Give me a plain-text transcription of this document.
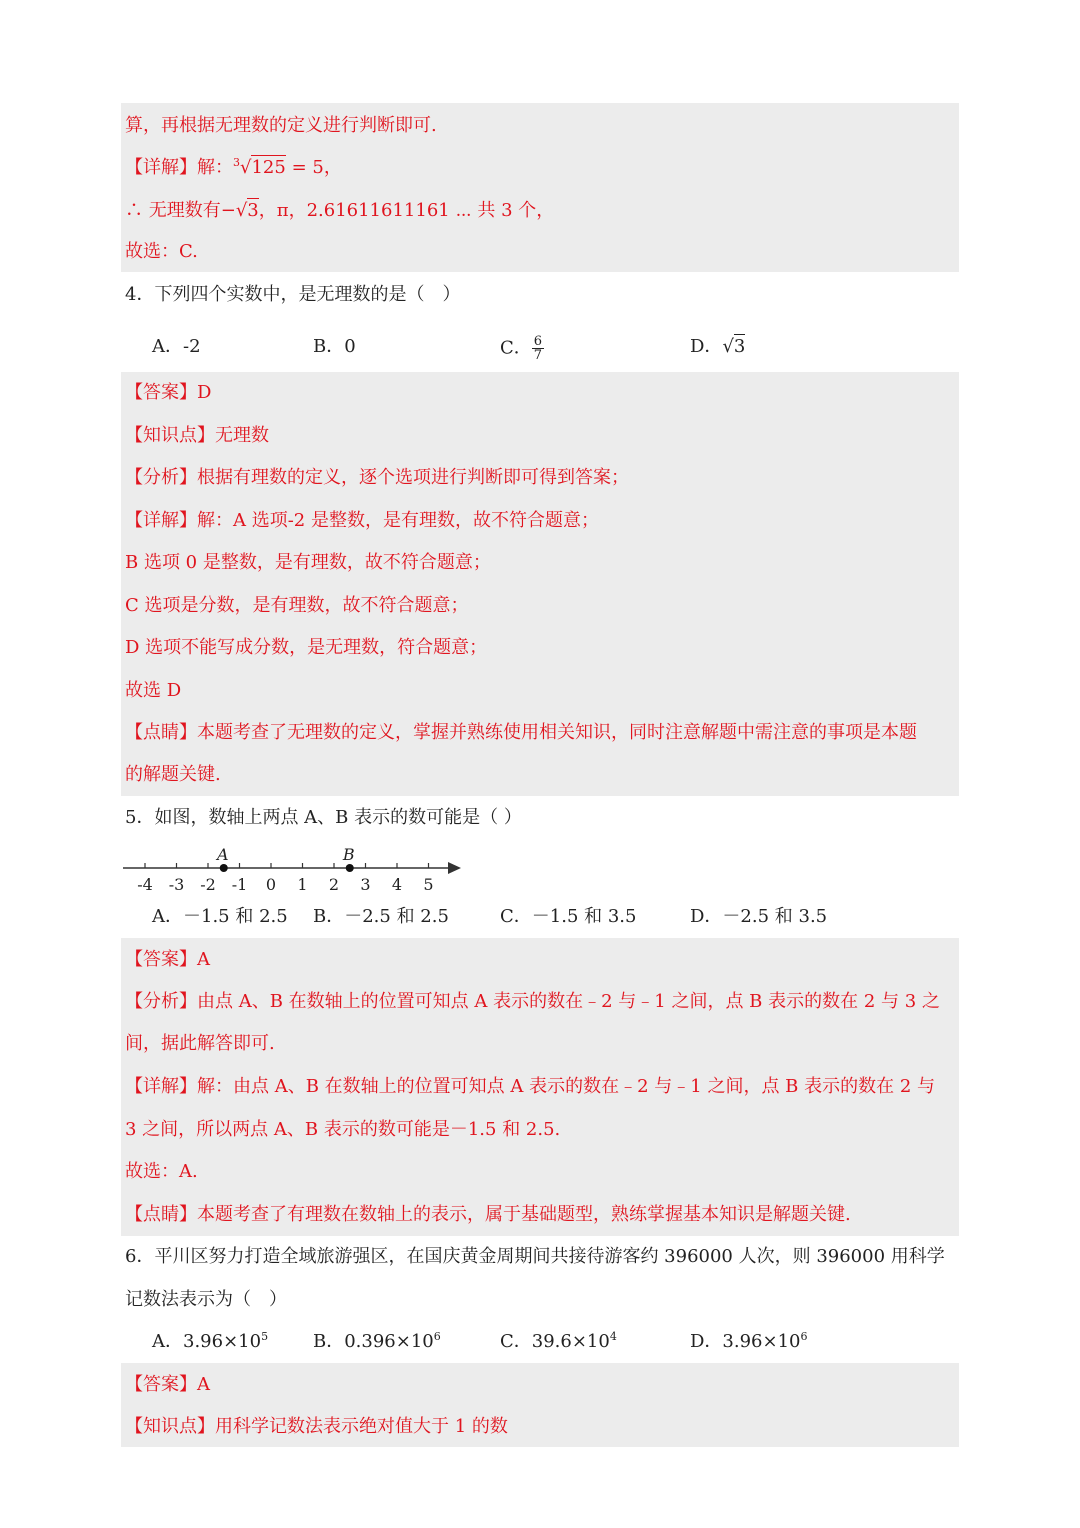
算，再根据无理数的定义进行判断即可.
【详解】解：$^3$√125 = 5，
∴ 无理数有−√3，π，2.61611611161 ⋯ 共 3 个，
故选：C.
4．下列四个实数中，是无理数的是（　）
A．-2	B．0	C． $\frac{6}{7}$	D．√3
【答案】D
【知识点】无理数
【分析】根据有理数的定义，逐个选项进行判断即可得到答案；
【详解】解：A 选项-2 是整数，是有理数，故不符合题意；
B 选项 0 是整数，是有理数，故不符合题意；
C 选项是分数，是有理数，故不符合题意；
D 选项不能写成分数，是无理数，符合题意；
故选 D
【点睛】本题考查了无理数的定义，掌握并熟练使用相关知识，同时注意解题中需注意的事项是本题
的解题关键.
5．如图，数轴上两点 A、B 表示的数可能是（ ）
-4 -3 -2 -1 0 1 2 3 4 5
A	B
A．－1.5 和 2.5 B．－2.5 和 2.5	C．－1.5 和 3.5	D．－2.5 和 3.5
【答案】A
【分析】由点 A、B 在数轴上的位置可知点 A 表示的数在﹣2 与﹣1 之间，点 B 表示的数在 2 与 3 之
间，据此解答即可.
【详解】解：由点 A、B 在数轴上的位置可知点 A 表示的数在﹣2 与﹣1 之间，点 B 表示的数在 2 与
3 之间，所以两点 A、B 表示的数可能是－1.5 和 2.5.
故选：A.
【点睛】本题考查了有理数在数轴上的表示，属于基础题型，熟练掌握基本知识是解题关键.
6．平川区努力打造全域旅游强区，在国庆黄金周期间共接待游客约 396000 人次，则 396000 用科学
记数法表示为（　）
A．$3.96\times 10^5$ B．$0.396\times 10^6$	C．$39.6\times 10^4$	D．$3.96\times 10^6$
【答案】A
【知识点】用科学记数法表示绝对值大于 1 的数
